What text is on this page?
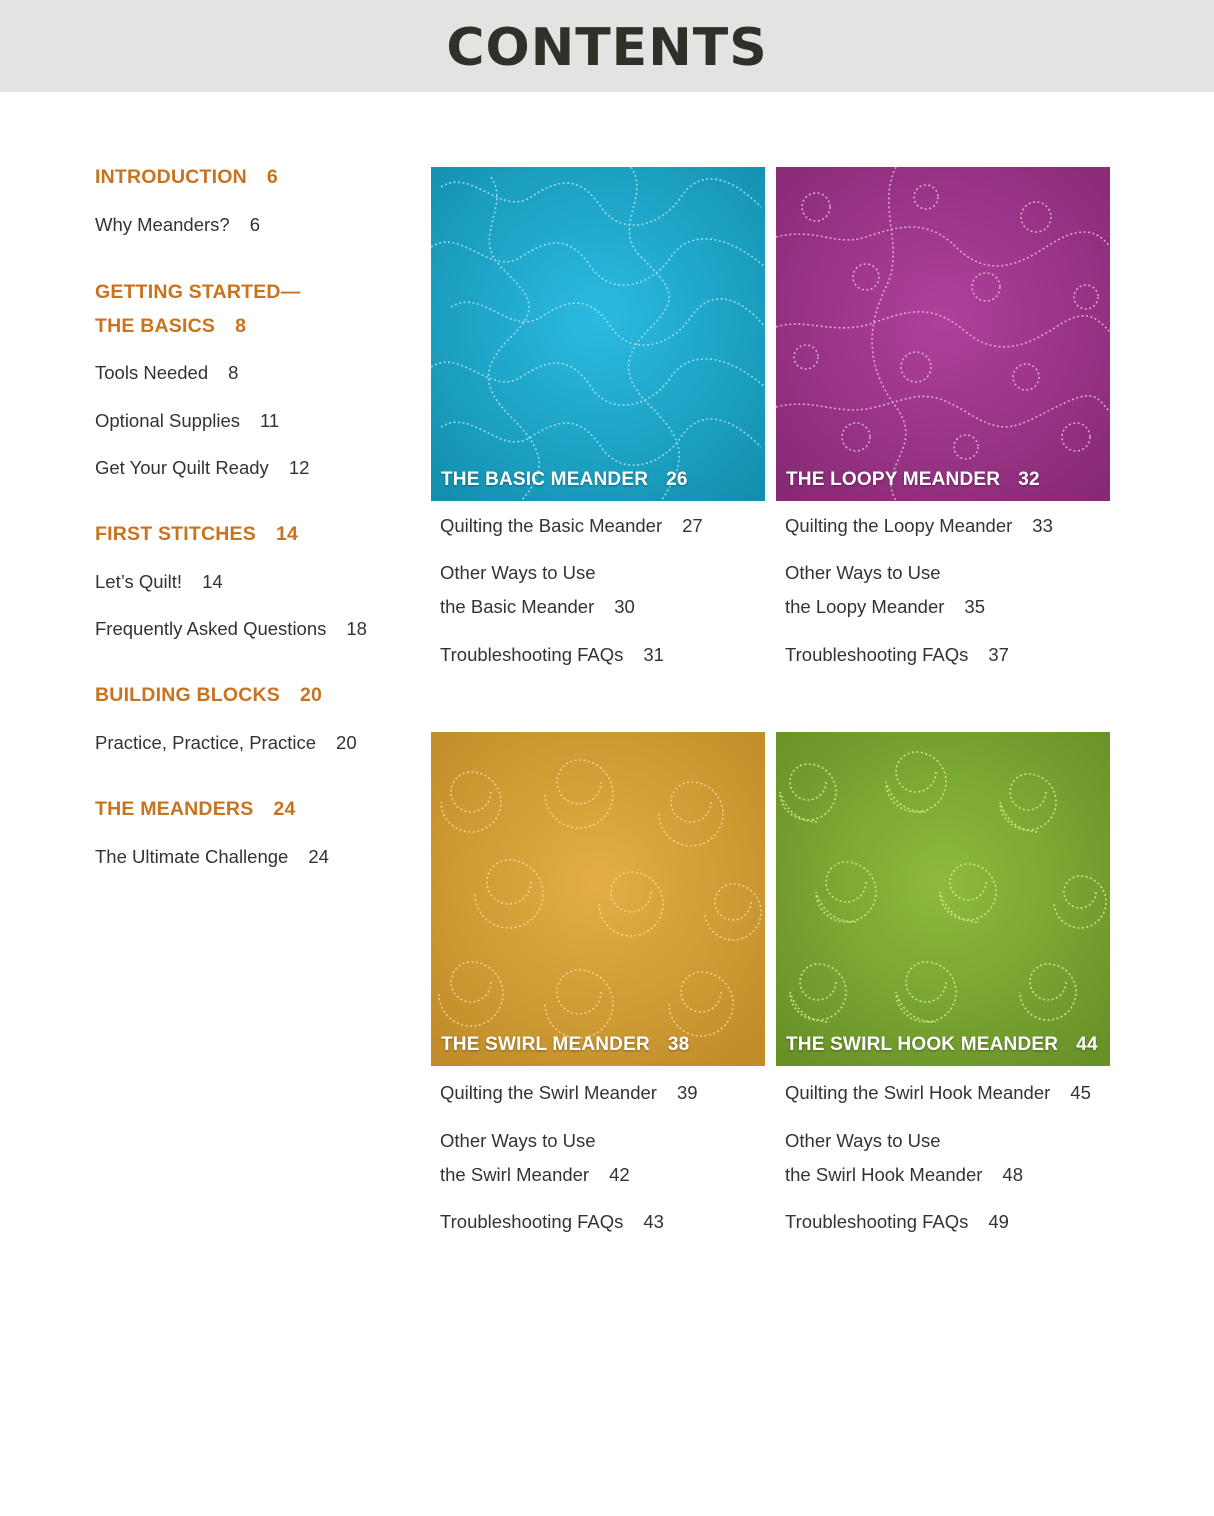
CONTENTS
INTRODUCTION 6
Why Meanders? 6
GETTING STARTED—
THE BASICS 8
Tools Needed 8
Optional Supplies 11
Get Your Quilt Ready 12
FIRST STITCHES 14
Let’s Quilt! 14
Frequently Asked Questions 18
BUILDING BLOCKS 20
Practice, Practice, Practice 20
THE MEANDERS 24
The Ultimate Challenge 24
THE BASIC MEANDER 26	THE LOOPY MEANDER 32
THE SWIRL MEANDER 38	THE SWIRL HOOK MEANDER 44
Quilting the Basic Meander 27
Other Ways to Use
the Basic Meander 30
Troubleshooting FAQs 31
Quilting the Loopy Meander 33
Other Ways to Use
the Loopy Meander 35
Troubleshooting FAQs 37
Quilting the Swirl Meander 39
Other Ways to Use
the Swirl Meander 42
Troubleshooting FAQs 43
Quilting the Swirl Hook Meander 45
Other Ways to Use
the Swirl Hook Meander 48
Troubleshooting FAQs 49
